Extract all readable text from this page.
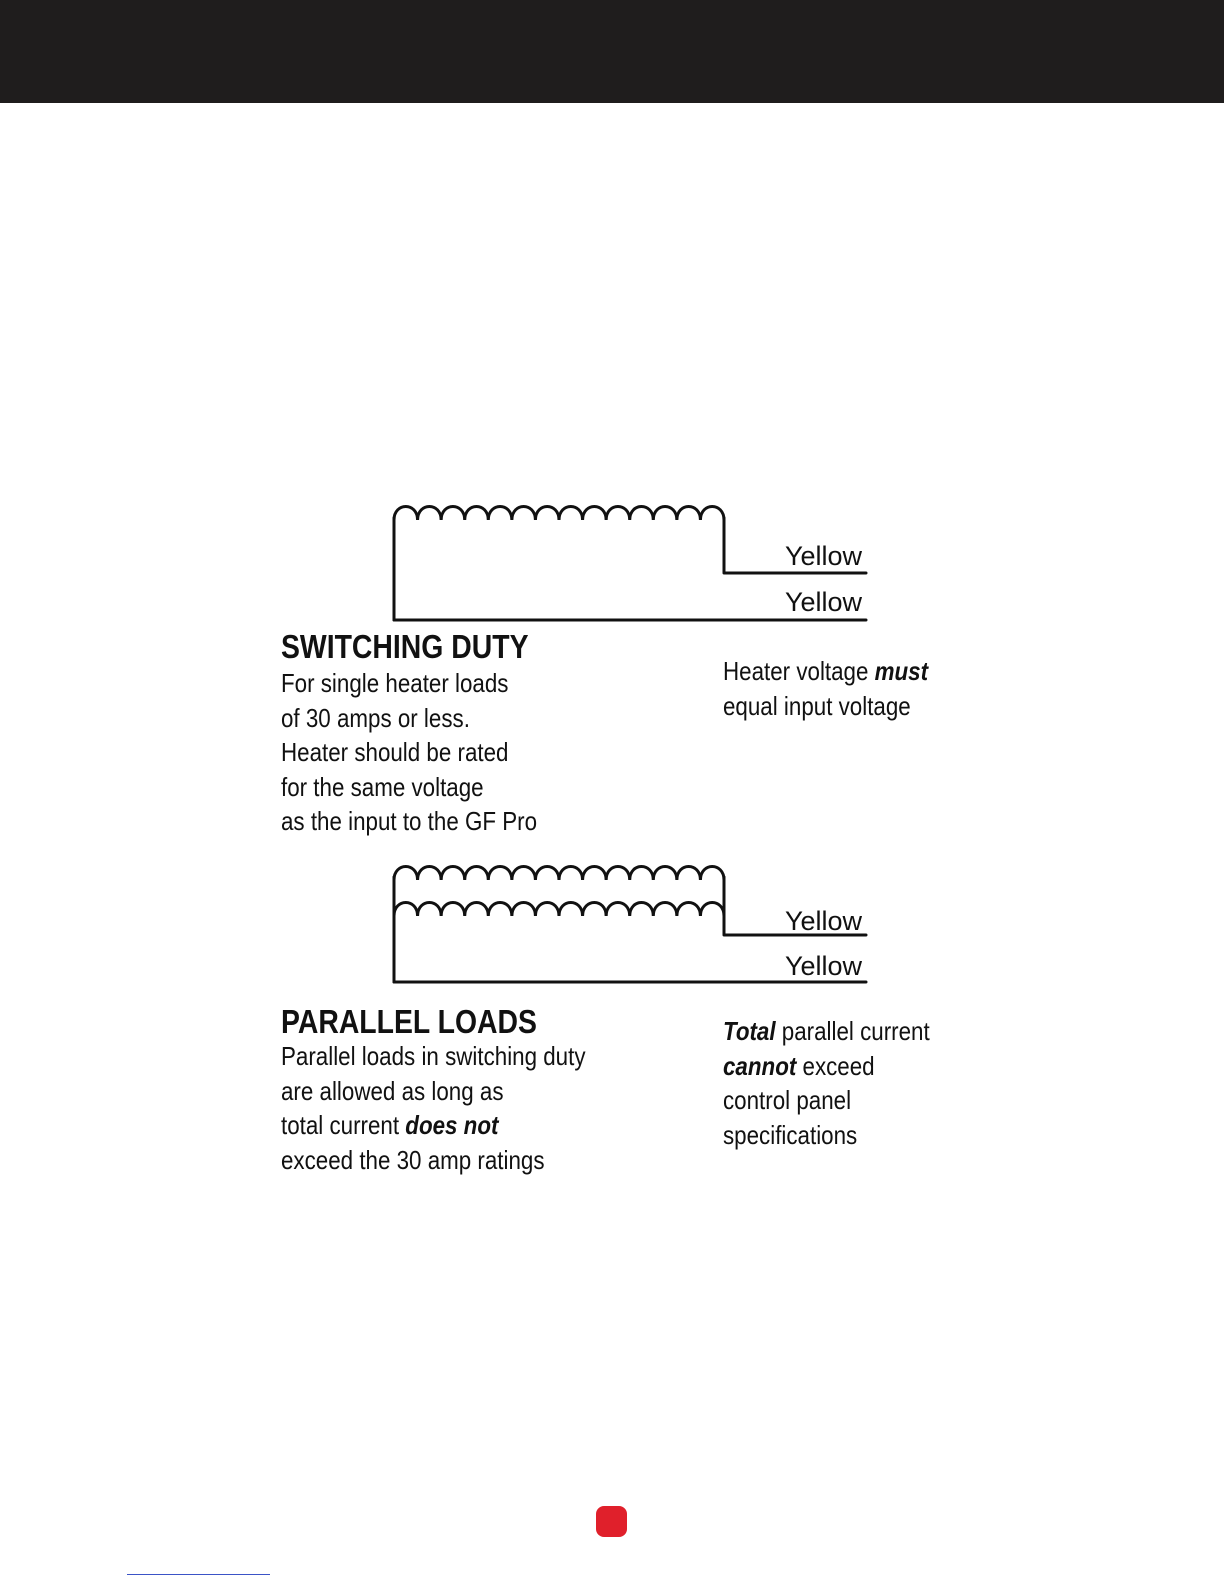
Yellow
Yellow
Yellow
Yellow
SWITCHING DUTY
For single heater loads
of 30 amps or less.
Heater should be rated
for the same voltage
as the input to the GF Pro
Heater voltage must
equal input voltage
PARALLEL LOADS
Parallel loads in switching duty
are allowed as long as
total current does not
exceed the 30 amp ratings
Total parallel current
cannot exceed
control panel
specifications
